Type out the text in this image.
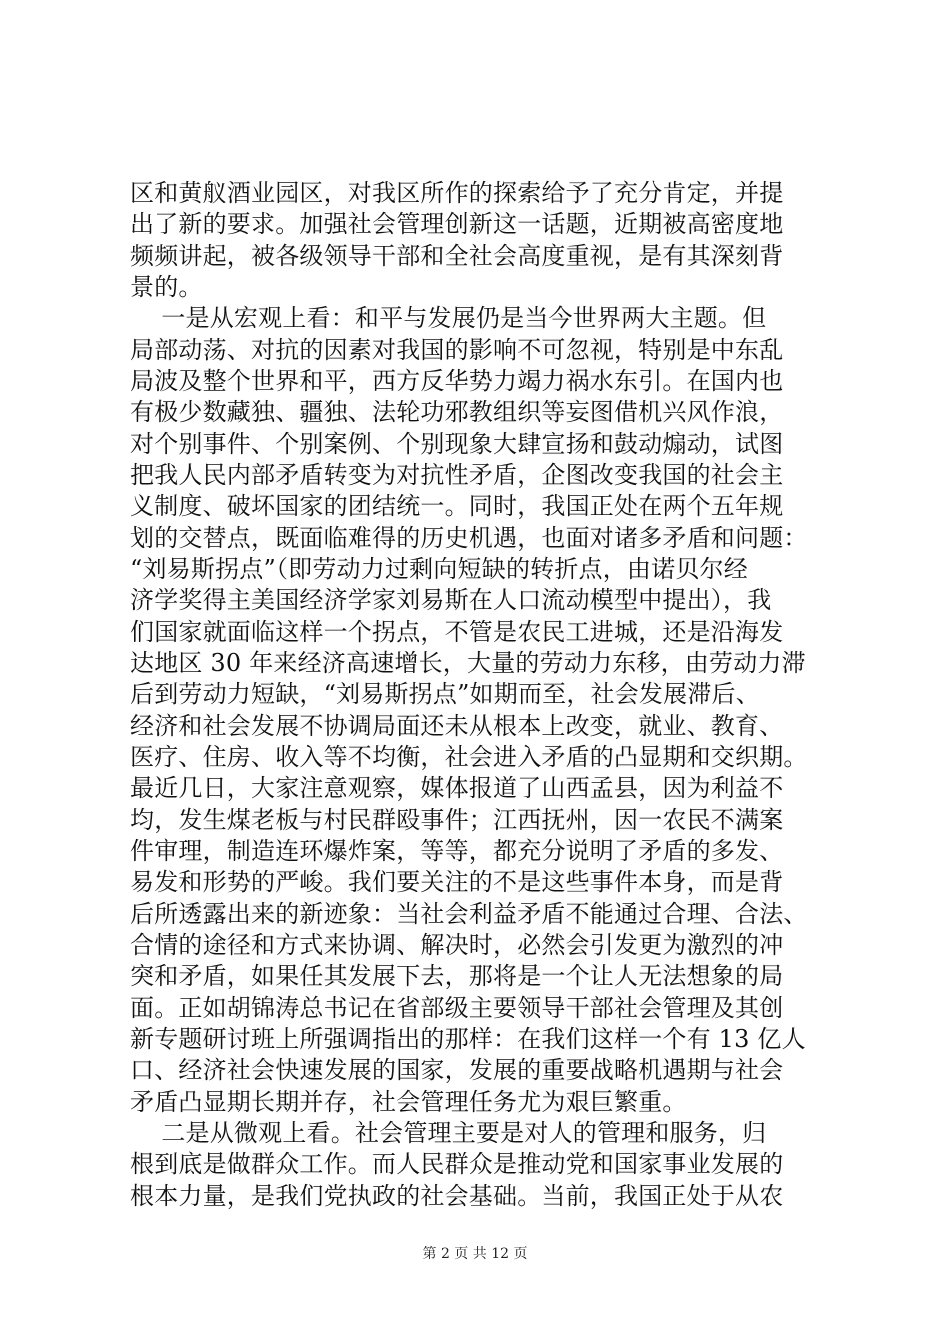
区和黄舣酒业园区，对我区所作的探索给予了充分肯定，并提
出了新的要求。加强社会管理创新这一话题，近期被高密度地
频频讲起，被各级领导干部和全社会高度重视，是有其深刻背
景的。
一是从宏观上看：和平与发展仍是当今世界两大主题。但
局部动荡、对抗的因素对我国的影响不可忽视，特别是中东乱
局波及整个世界和平，西方反华势力竭力祸水东引。在国内也
有极少数藏独、疆独、法轮功邪教组织等妄图借机兴风作浪，
对个别事件、个别案例、个别现象大肆宣扬和鼓动煽动，试图
把我人民内部矛盾转变为对抗性矛盾，企图改变我国的社会主
义制度、破坏国家的团结统一。同时，我国正处在两个五年规
划的交替点，既面临难得的历史机遇，也面对诸多矛盾和问题：
“刘易斯拐点”（即劳动力过剩向短缺的转折点，由诺贝尔经
济学奖得主美国经济学家刘易斯在人口流动模型中提出），我
们国家就面临这样一个拐点，不管是农民工进城，还是沿海发
达地区 30 年来经济高速增长，大量的劳动力东移，由劳动力滞
后到劳动力短缺，“刘易斯拐点”如期而至，社会发展滞后、
经济和社会发展不协调局面还未从根本上改变，就业、教育、
医疗、住房、收入等不均衡，社会进入矛盾的凸显期和交织期。
最近几日，大家注意观察，媒体报道了山西孟县，因为利益不
均，发生煤老板与村民群殴事件；江西抚州，因一农民不满案
件审理，制造连环爆炸案，等等，都充分说明了矛盾的多发、
易发和形势的严峻。我们要关注的不是这些事件本身，而是背
后所透露出来的新迹象：当社会利益矛盾不能通过合理、合法、
合情的途径和方式来协调、解决时，必然会引发更为激烈的冲
突和矛盾，如果任其发展下去，那将是一个让人无法想象的局
面。正如胡锦涛总书记在省部级主要领导干部社会管理及其创
新专题研讨班上所强调指出的那样：在我们这样一个有 13 亿人
口、经济社会快速发展的国家，发展的重要战略机遇期与社会
矛盾凸显期长期并存，社会管理任务尤为艰巨繁重。
二是从微观上看。社会管理主要是对人的管理和服务，归
根到底是做群众工作。而人民群众是推动党和国家事业发展的
根本力量，是我们党执政的社会基础。当前，我国正处于从农
第 2 页 共 12 页
